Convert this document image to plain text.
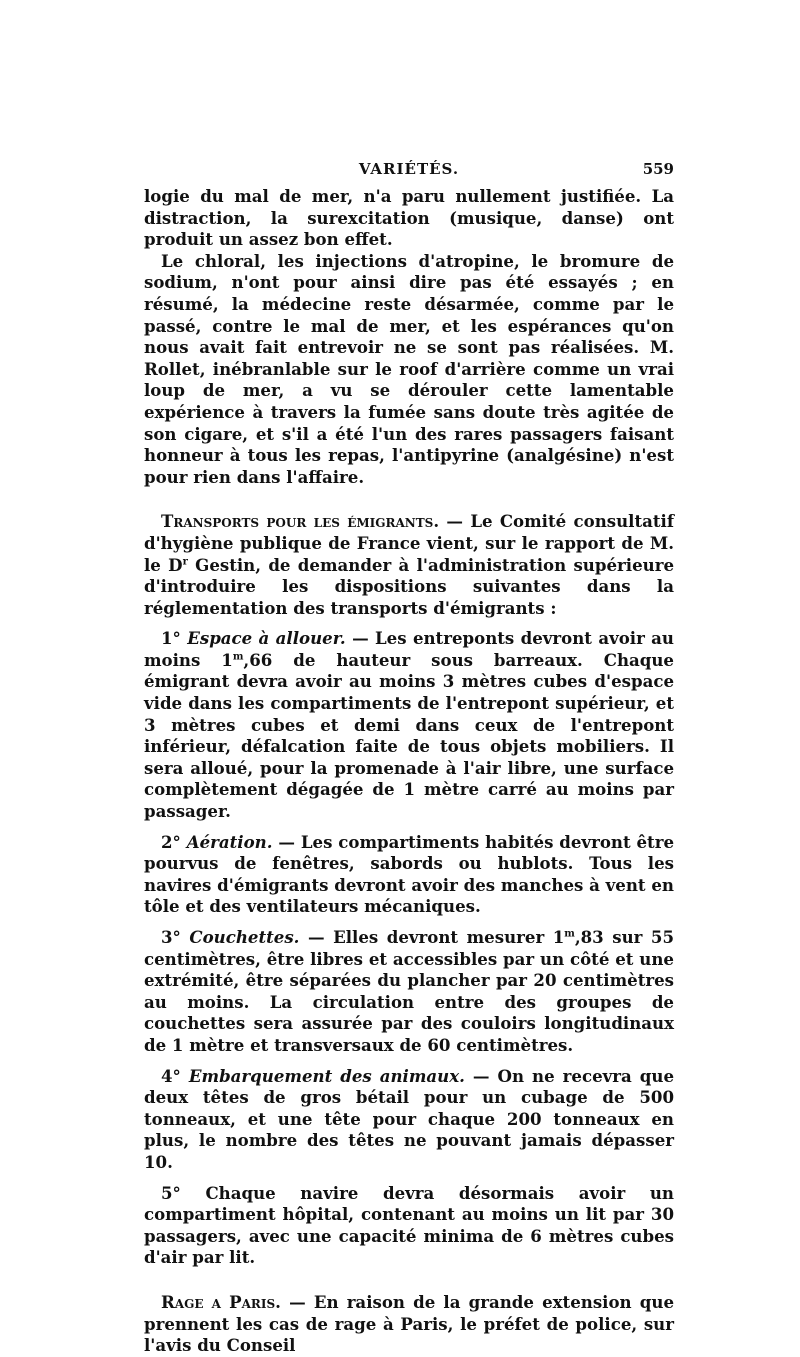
VARIÉTÉS.	559

logie du mal de mer, n'a paru nullement justifiée. La distraction, la surexcitation (musique, danse) ont produit un assez bon effet.

Le chloral, les injections d'atropine, le bromure de sodium, n'ont pour ainsi dire pas été essayés ; en résumé, la médecine reste désarmée, comme par le passé, contre le mal de mer, et les espérances qu'on nous avait fait entrevoir ne se sont pas réalisées. M. Rollet, inébranlable sur le roof d'arrière comme un vrai loup de mer, a vu se dérouler cette lamentable expérience à travers la fumée sans doute très agitée de son cigare, et s'il a été l'un des rares passagers faisant honneur à tous les repas, l'antipyrine (analgésine) n'est pour rien dans l'affaire.

Transports pour les émigrants. — Le Comité consultatif d'hygiène publique de France vient, sur le rapport de M. le $D^r$ Gestin, de demander à l'administration supérieure d'introduire les dispositions suivantes dans la réglementation des transports d'émigrants :

1° Espace à allouer. — Les entreponts devront avoir au moins 1$^m$,66 de hauteur sous barreaux. Chaque émigrant devra avoir au moins 3 mètres cubes d'espace vide dans les compartiments de l'entrepont supérieur, et 3 mètres cubes et demi dans ceux de l'entrepont inférieur, défalcation faite de tous objets mobiliers. Il sera alloué, pour la promenade à l'air libre, une surface complètement dégagée de 1 mètre carré au moins par passager.

2° Aération. — Les compartiments habités devront être pourvus de fenêtres, sabords ou hublots. Tous les navires d'émigrants devront avoir des manches à vent en tôle et des ventilateurs mécaniques.

3° Couchettes. — Elles devront mesurer 1$^m$,83 sur 55 centimètres, être libres et accessibles par un côté et une extrémité, être séparées du plancher par 20 centimètres au moins. La circulation entre des groupes de couchettes sera assurée par des couloirs longitudinaux de 1 mètre et transversaux de 60 centimètres.

4° Embarquement des animaux. — On ne recevra que deux têtes de gros bétail pour un cubage de 500 tonneaux, et une tête pour chaque 200 tonneaux en plus, le nombre des têtes ne pouvant jamais dépasser 10.

5° Chaque navire devra désormais avoir un compartiment hôpital, contenant au moins un lit par 30 passagers, avec une capacité minima de 6 mètres cubes d'air par lit.

Rage a Paris. — En raison de la grande extension que prennent les cas de rage à Paris, le préfet de police, sur l'avis du Conseil
